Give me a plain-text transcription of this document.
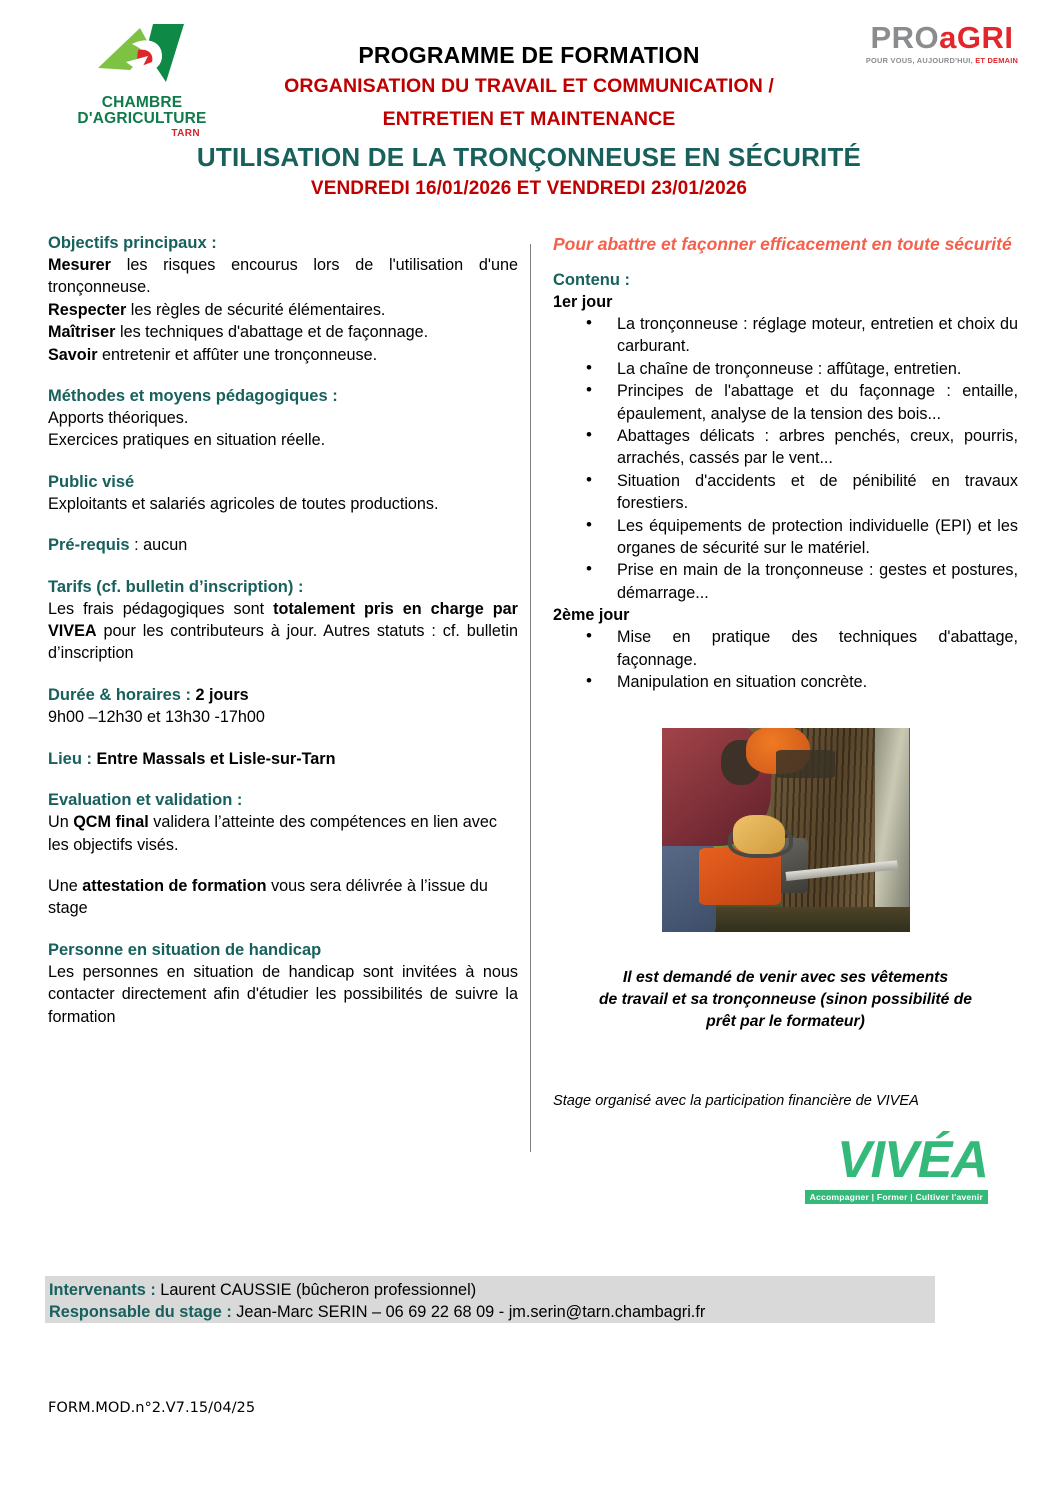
CHAMBRE
D'AGRICULTURE
TARN
PROaGRI
POUR VOUS, AUJOURD'HUI, ET DEMAIN
PROGRAMME DE FORMATION
ORGANISATION DU TRAVAIL ET COMMUNICATION /
ENTRETIEN ET MAINTENANCE
UTILISATION DE LA TRONÇONNEUSE EN SÉCURITÉ
VENDREDI 16/01/2026 ET VENDREDI 23/01/2026
Objectifs principaux :
Mesurer les risques encourus lors de l'utilisation d'une tronçonneuse.
Respecter les règles de sécurité élémentaires.
Maîtriser les techniques d'abattage et de façonnage.
Savoir entretenir et affûter une tronçonneuse.
Méthodes et moyens pédagogiques :
Apports théoriques.
Exercices pratiques en situation réelle.
Public visé
Exploitants et salariés agricoles de toutes productions.
Pré-requis : aucun
Tarifs (cf. bulletin d’inscription) :
Les frais pédagogiques sont totalement pris en charge par VIVEA pour les contributeurs à jour. Autres statuts : cf. bulletin d’inscription
Durée & horaires : 2 jours
9h00 –12h30 et 13h30 -17h00
Lieu : Entre Massals et Lisle-sur-Tarn
Evaluation et validation :
Un QCM final validera l’atteinte des compétences en lien avec les objectifs visés.
Une attestation de formation vous sera délivrée à l’issue du stage
Personne en situation de handicap
Les personnes en situation de handicap sont invitées à nous contacter directement afin d'étudier les possibilités de suivre la formation
Pour abattre et façonner efficacement en toute sécurité
Contenu :
1er jour
• La tronçonneuse : réglage moteur, entretien et choix du carburant.
• La chaîne de tronçonneuse : affûtage, entretien.
• Principes de l'abattage et du façonnage : entaille, épaulement, analyse de la tension des bois...
• Abattages délicats : arbres penchés, creux, pourris, arrachés, cassés par le vent...
• Situation d'accidents et de pénibilité en travaux forestiers.
• Les équipements de protection individuelle (EPI) et les organes de sécurité sur le matériel.
• Prise en main de la tronçonneuse : gestes et postures, démarrage...
2ème jour
• Mise en pratique des techniques d'abattage, façonnage.
• Manipulation en situation concrète.
Il est demandé de venir avec ses vêtements
de travail et sa tronçonneuse (sinon possibilité de
prêt par le formateur)
Stage organisé avec la participation financière de VIVEA
VIVÉA
Accompagner | Former | Cultiver l'avenir
Intervenants : Laurent CAUSSIE (bûcheron professionnel)
Responsable du stage : Jean-Marc SERIN – 06 69 22 68 09 - jm.serin@tarn.chambagri.fr
FORM.MOD.n°2.V7.15/04/25
